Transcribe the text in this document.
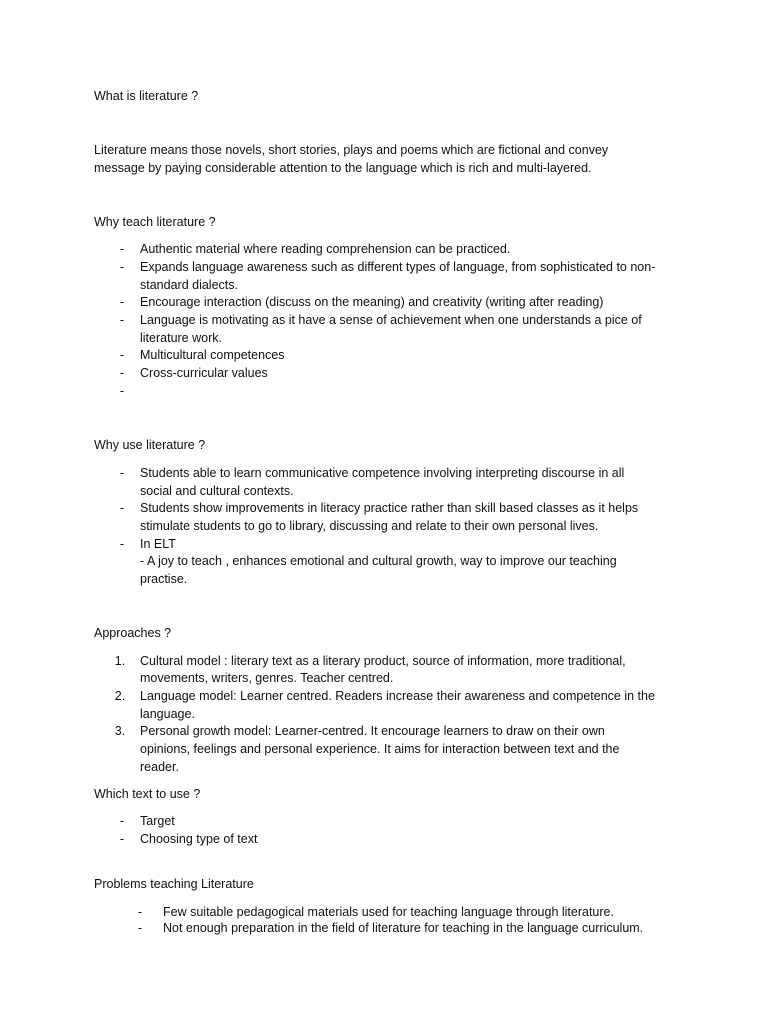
What is literature ?
Literature means those novels, short stories, plays and poems which are fictional and convey
message by paying considerable attention to the language which is rich and multi-layered.
Why teach literature ?
-	Authentic material where reading comprehension can be practiced.
-	Expands language awareness such as different types of language, from sophisticated to non-
standard dialects.
-	Encourage interaction (discuss on the meaning) and creativity (writing after reading)
-	Language is motivating as it have a sense of achievement when one understands a pice of
literature work.
-	Multicultural competences
-	Cross-curricular values
-
Why use literature ?
-	Students able to learn communicative competence involving interpreting discourse in all
social and cultural contexts.
-	Students show improvements in literacy practice rather than skill based classes as it helps
stimulate students to go to library, discussing and relate to their own personal lives.
-	In ELT
- A joy to teach , enhances emotional and cultural growth, way to improve our teaching
practise.
Approaches ?
1.	Cultural model : literary text as a literary product, source of information, more traditional,
movements, writers, genres. Teacher centred.
2.	Language model: Learner centred. Readers increase their awareness and competence in the
language.
3.	Personal growth model: Learner-centred. It encourage learners to draw on their own
opinions, feelings and personal experience. It aims for interaction between text and the
reader.
Which text to use ?
-	Target
-	Choosing type of text
Problems teaching Literature
-	Few suitable pedagogical materials used for teaching language through literature.
-	Not enough preparation in the field of literature for teaching in the language curriculum.
